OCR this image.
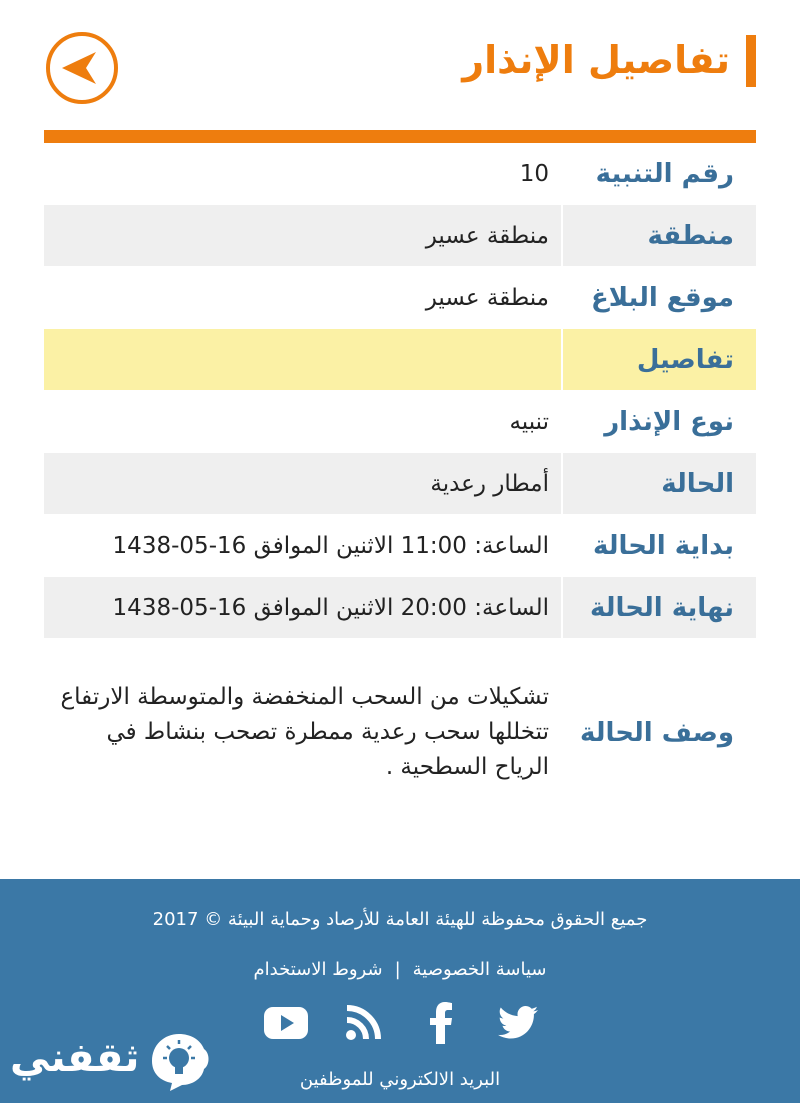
تفاصيل الإنذار
رقم التنبية
10
منطقة
منطقة عسير
موقع البلاغ
منطقة عسير
تفاصيل
نوع الإنذار
تنبيه
الحالة
أمطار رعدية
بداية الحالة
الساعة: 11:00 الاثنين الموافق 16-05-1438
نهاية الحالة
الساعة: 20:00 الاثنين الموافق 16-05-1438
وصف الحالة
تشكيلات من السحب المنخفضة والمتوسطة الارتفاع تتخللها سحب رعدية ممطرة تصحب بنشاط في الرياح السطحية .
جميع الحقوق محفوظة للهيئة العامة للأرصاد وحماية البيئة © 2017
سياسة الخصوصية|شروط الاستخدام
البريد الالكتروني للموظفين
ثقفني
